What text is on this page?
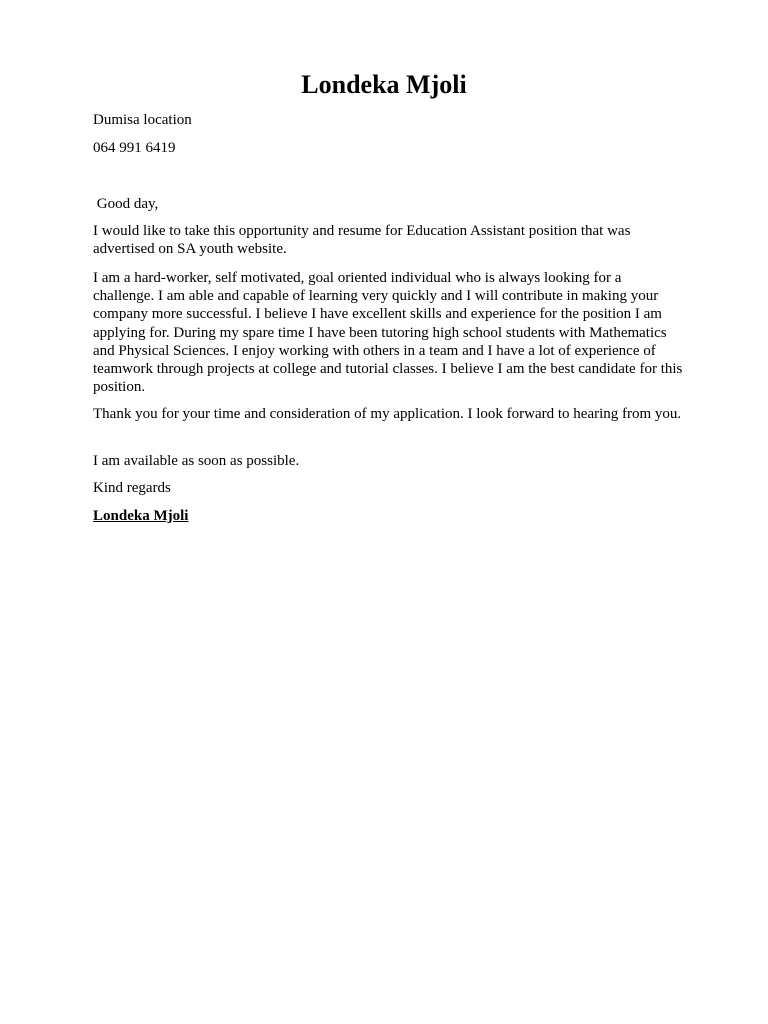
Londeka Mjoli

Dumisa location

064 991 6419

Good day,

I would like to take this opportunity and resume for Education Assistant position that was advertised on SA youth website.

I am a hard-worker, self motivated, goal oriented individual who is always looking for a challenge. I am able and capable of learning very quickly and I will contribute in making your company more successful. I believe I have excellent skills and experience for the position I am applying for. During my spare time I have been tutoring high school students with Mathematics and Physical Sciences. I enjoy working with others in a team and I have a lot of experience of teamwork through projects at college and tutorial classes. I believe I am the best candidate for this position.

Thank you for your time and consideration of my application. I look forward to hearing from you.

I am available as soon as possible.

Kind regards

Londeka Mjoli
